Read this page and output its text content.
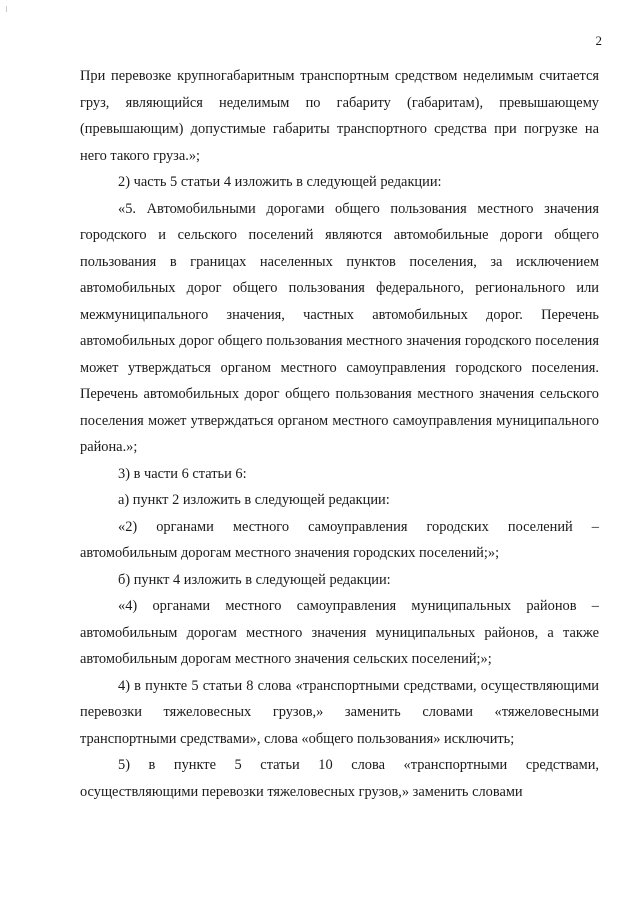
2

При перевозке крупногабаритным транспортным средством неделимым считается груз, являющийся неделимым по габариту (габаритам), превышающему (превышающим) допустимые габариты транспортного средства при погрузке на него такого груза.»;

2) часть 5 статьи 4 изложить в следующей редакции:

«5. Автомобильными дорогами общего пользования местного значения городского и сельского поселений являются автомобильные дороги общего пользования в границах населенных пунктов поселения, за исключением автомобильных дорог общего пользования федерального, регионального или межмуниципального значения, частных автомобильных дорог. Перечень автомобильных дорог общего пользования местного значения городского поселения может утверждаться органом местного самоуправления городского поселения. Перечень автомобильных дорог общего пользования местного значения сельского поселения может утверждаться органом местного самоуправления муниципального района.»;

3) в части 6 статьи 6:

а) пункт 2 изложить в следующей редакции:

«2) органами местного самоуправления городских поселений – автомобильным дорогам местного значения городских поселений;»;

б) пункт 4 изложить в следующей редакции:

«4) органами местного самоуправления муниципальных районов – автомобильным дорогам местного значения муниципальных районов, а также автомобильным дорогам местного значения сельских поселений;»;

4) в пункте 5 статьи 8 слова «транспортными средствами, осуществляющими перевозки тяжеловесных грузов,» заменить словами «тяжеловесными транспортными средствами», слова «общего пользования» исключить;

5) в пункте 5 статьи 10 слова «транспортными средствами, осуществляющими перевозки тяжеловесных грузов,» заменить словами
